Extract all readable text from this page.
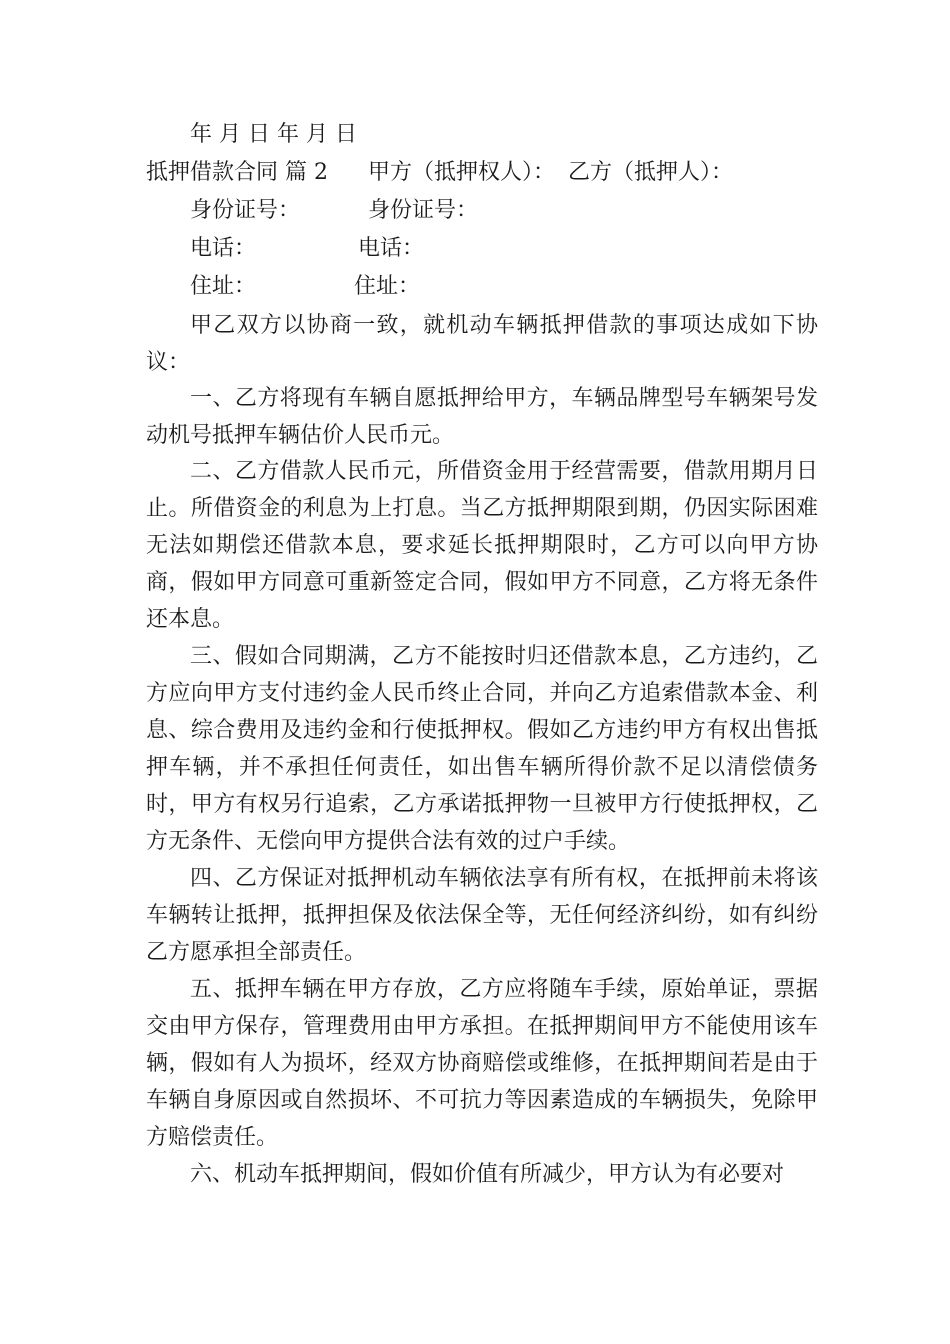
年 月 日 年 月 日
抵押借款合同 篇 2 甲方（抵押权人）： 乙方（抵押人）：
身份证号：	身份证号：
电话：	电话：
住址：	住址：
甲乙双方以协商一致，就机动车辆抵押借款的事项达成如下协议：
一、乙方将现有车辆自愿抵押给甲方，车辆品牌型号车辆架号发动机号抵押车辆估价人民币元。
二、乙方借款人民币元，所借资金用于经营需要，借款用期月日止。所借资金的利息为上打息。当乙方抵押期限到期，仍因实际困难无法如期偿还借款本息，要求延长抵押期限时，乙方可以向甲方协商，假如甲方同意可重新签定合同，假如甲方不同意，乙方将无条件还本息。
三、假如合同期满，乙方不能按时归还借款本息，乙方违约，乙方应向甲方支付违约金人民币终止合同，并向乙方追索借款本金、利息、综合费用及违约金和行使抵押权。假如乙方违约甲方有权出售抵押车辆，并不承担任何责任，如出售车辆所得价款不足以清偿债务时，甲方有权另行追索，乙方承诺抵押物一旦被甲方行使抵押权，乙方无条件、无偿向甲方提供合法有效的过户手续。
四、乙方保证对抵押机动车辆依法享有所有权，在抵押前未将该车辆转让抵押，抵押担保及依法保全等，无任何经济纠纷，如有纠纷乙方愿承担全部责任。
五、抵押车辆在甲方存放，乙方应将随车手续，原始单证，票据交由甲方保存，管理费用由甲方承担。在抵押期间甲方不能使用该车辆，假如有人为损坏，经双方协商赔偿或维修，在抵押期间若是由于车辆自身原因或自然损坏、不可抗力等因素造成的车辆损失，免除甲方赔偿责任。
六、机动车抵押期间，假如价值有所减少，甲方认为有必要对
